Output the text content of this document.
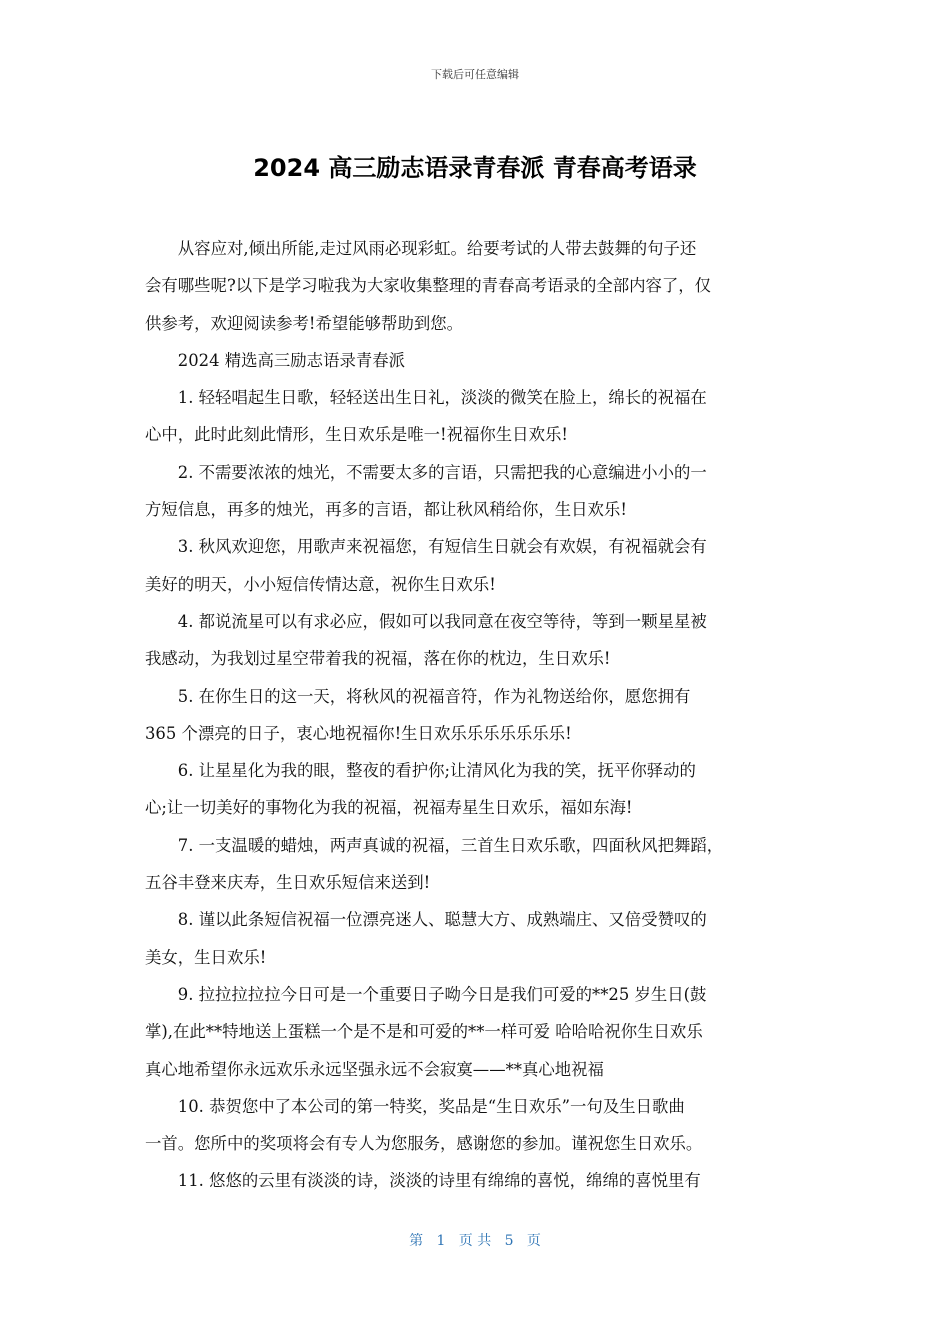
下载后可任意编辑
2024 高三励志语录青春派 青春高考语录

从容应对,倾出所能,走过风雨必现彩虹。给要考试的人带去鼓舞的句子还
会有哪些呢?以下是学习啦我为大家收集整理的青春高考语录的全部内容了，仅
供参考，欢迎阅读参考!希望能够帮助到您。

2024 精选高三励志语录青春派

1. 轻轻唱起生日歌，轻轻送出生日礼，淡淡的微笑在脸上，绵长的祝福在
心中，此时此刻此情形，生日欢乐是唯一!祝福你生日欢乐!

2. 不需要浓浓的烛光，不需要太多的言语，只需把我的心意编进小小的一
方短信息，再多的烛光，再多的言语，都让秋风稍给你，生日欢乐!

3. 秋风欢迎您，用歌声来祝福您，有短信生日就会有欢娱，有祝福就会有
美好的明天，小小短信传情达意，祝你生日欢乐!

4. 都说流星可以有求必应，假如可以我同意在夜空等待，等到一颗星星被
我感动，为我划过星空带着我的祝福，落在你的枕边，生日欢乐!

5. 在你生日的这一天，将秋风的祝福音符，作为礼物送给你，愿您拥有
365 个漂亮的日子，衷心地祝福你!生日欢乐乐乐乐乐乐乐!

6. 让星星化为我的眼，整夜的看护你;让清风化为我的笑，抚平你驿动的
心;让一切美好的事物化为我的祝福，祝福寿星生日欢乐，福如东海!

7. 一支温暖的蜡烛，两声真诚的祝福，三首生日欢乐歌，四面秋风把舞蹈，
五谷丰登来庆寿，生日欢乐短信来送到!

8. 谨以此条短信祝福一位漂亮迷人、聪慧大方、成熟端庄、又倍受赞叹的
美女，生日欢乐!

9. 拉拉拉拉拉今日可是一个重要日子呦今日是我们可爱的**25 岁生日(鼓
掌),在此**特地送上蛋糕一个是不是和可爱的**一样可爱 哈哈哈祝你生日欢乐
真心地希望你永远欢乐永远坚强永远不会寂寞——**真心地祝福

10. 恭贺您中了本公司的第一特奖，奖品是“生日欢乐”一句及生日歌曲
一首。您所中的奖项将会有专人为您服务，感谢您的参加。谨祝您生日欢乐。

11. 悠悠的云里有淡淡的诗，淡淡的诗里有绵绵的喜悦，绵绵的喜悦里有

第   1   页 共   5   页
